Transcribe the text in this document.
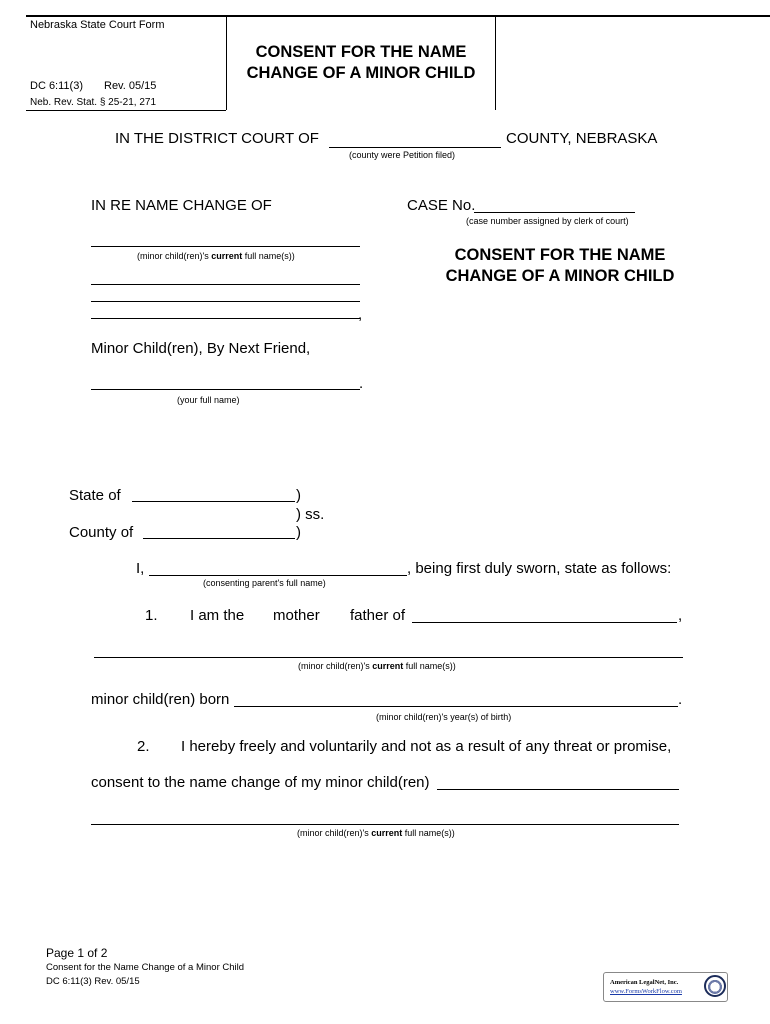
Nebraska State Court Form
DC 6:11(3) Rev. 05/15
Neb. Rev. Stat. § 25-21, 271
CONSENT FOR THE NAME
CHANGE OF A MINOR CHILD
IN THE DISTRICT COURT OF	COUNTY, NEBRASKA
(county were Petition filed)
IN RE NAME CHANGE OF	CASE No.
(case number assigned by clerk of court)
(minor child(ren)'s current full name(s))
,
CONSENT FOR THE NAME
CHANGE OF A MINOR CHILD
Minor Child(ren), By Next Friend,
.
(your full name)
State of	)
) ss.
County of	)
I,	, being first duly sworn, state as follows:
(consenting parent's full name)
1. I am the mother father of	,
(minor child(ren)'s current full name(s))
minor child(ren) born	.
(minor child(ren)'s year(s) of birth)
2. I hereby freely and voluntarily and not as a result of any threat or promise,
consent to the name change of my minor child(ren)
(minor child(ren)'s current full name(s))
Page 1 of 2
Consent for the Name Change of a Minor Child
DC 6:11(3) Rev. 05/15	American LegalNet, Inc.
www.FormsWorkFlow.com
